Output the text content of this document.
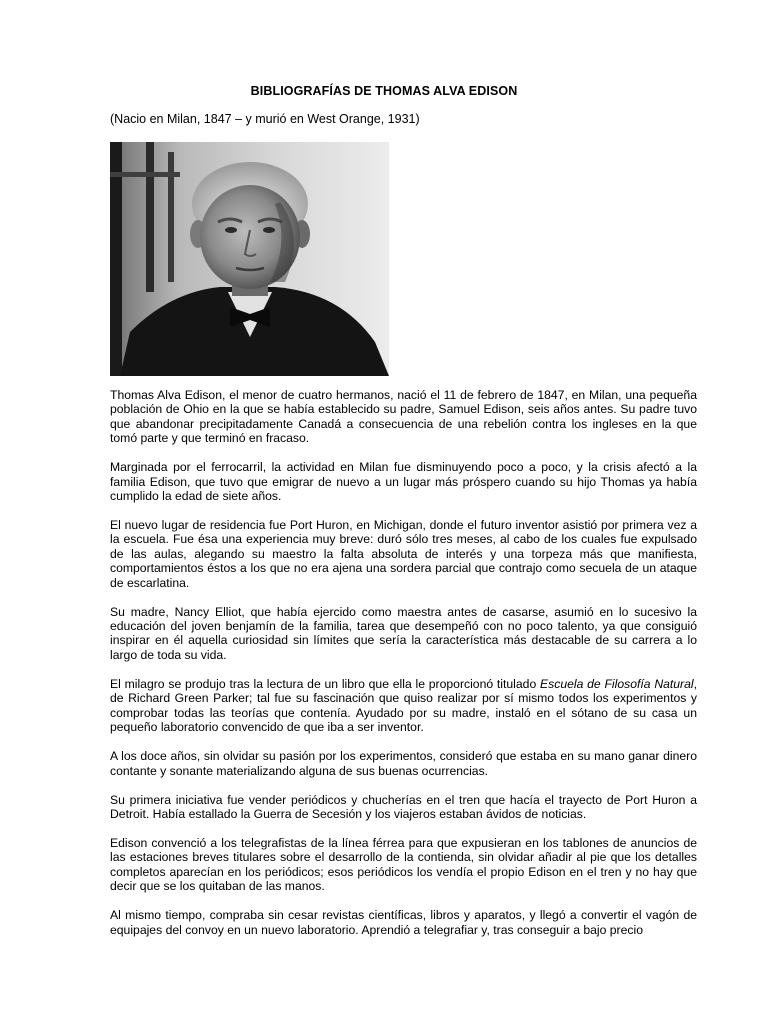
BIBLIOGRAFÍAS DE THOMAS ALVA EDISON
(Nacio en Milan, 1847 – y murió en West Orange, 1931)

Thomas Alva Edison, el menor de cuatro hermanos, nació el 11 de febrero de 1847, en Milan, una pequeña población de Ohio en la que se había establecido su padre, Samuel Edison, seis años antes. Su padre tuvo que abandonar precipitadamente Canadá a consecuencia de una rebelión contra los ingleses en la que tomó parte y que terminó en fracaso.

Marginada por el ferrocarril, la actividad en Milan fue disminuyendo poco a poco, y la crisis afectó a la familia Edison, que tuvo que emigrar de nuevo a un lugar más próspero cuando su hijo Thomas ya había cumplido la edad de siete años.

El nuevo lugar de residencia fue Port Huron, en Michigan, donde el futuro inventor asistió por primera vez a la escuela. Fue ésa una experiencia muy breve: duró sólo tres meses, al cabo de los cuales fue expulsado de las aulas, alegando su maestro la falta absoluta de interés y una torpeza más que manifiesta, comportamientos éstos a los que no era ajena una sordera parcial que contrajo como secuela de un ataque de escarlatina.

Su madre, Nancy Elliot, que había ejercido como maestra antes de casarse, asumió en lo sucesivo la educación del joven benjamín de la familia, tarea que desempeñó con no poco talento, ya que consiguió inspirar en él aquella curiosidad sin límites que sería la característica más destacable de su carrera a lo largo de toda su vida.

El milagro se produjo tras la lectura de un libro que ella le proporcionó titulado Escuela de Filosofía Natural, de Richard Green Parker; tal fue su fascinación que quiso realizar por sí mismo todos los experimentos y comprobar todas las teorías que contenía. Ayudado por su madre, instaló en el sótano de su casa un pequeño laboratorio convencido de que iba a ser inventor.

A los doce años, sin olvidar su pasión por los experimentos, consideró que estaba en su mano ganar dinero contante y sonante materializando alguna de sus buenas ocurrencias.

Su primera iniciativa fue vender periódicos y chucherías en el tren que hacía el trayecto de Port Huron a Detroit. Había estallado la Guerra de Secesión y los viajeros estaban ávidos de noticias.

Edison convenció a los telegrafistas de la línea férrea para que expusieran en los tablones de anuncios de las estaciones breves titulares sobre el desarrollo de la contienda, sin olvidar añadir al pie que los detalles completos aparecían en los periódicos; esos periódicos los vendía el propio Edison en el tren y no hay que decir que se los quitaban de las manos.

Al mismo tiempo, compraba sin cesar revistas científicas, libros y aparatos, y llegó a convertir el vagón de equipajes del convoy en un nuevo laboratorio. Aprendió a telegrafiar y, tras conseguir a bajo precio
